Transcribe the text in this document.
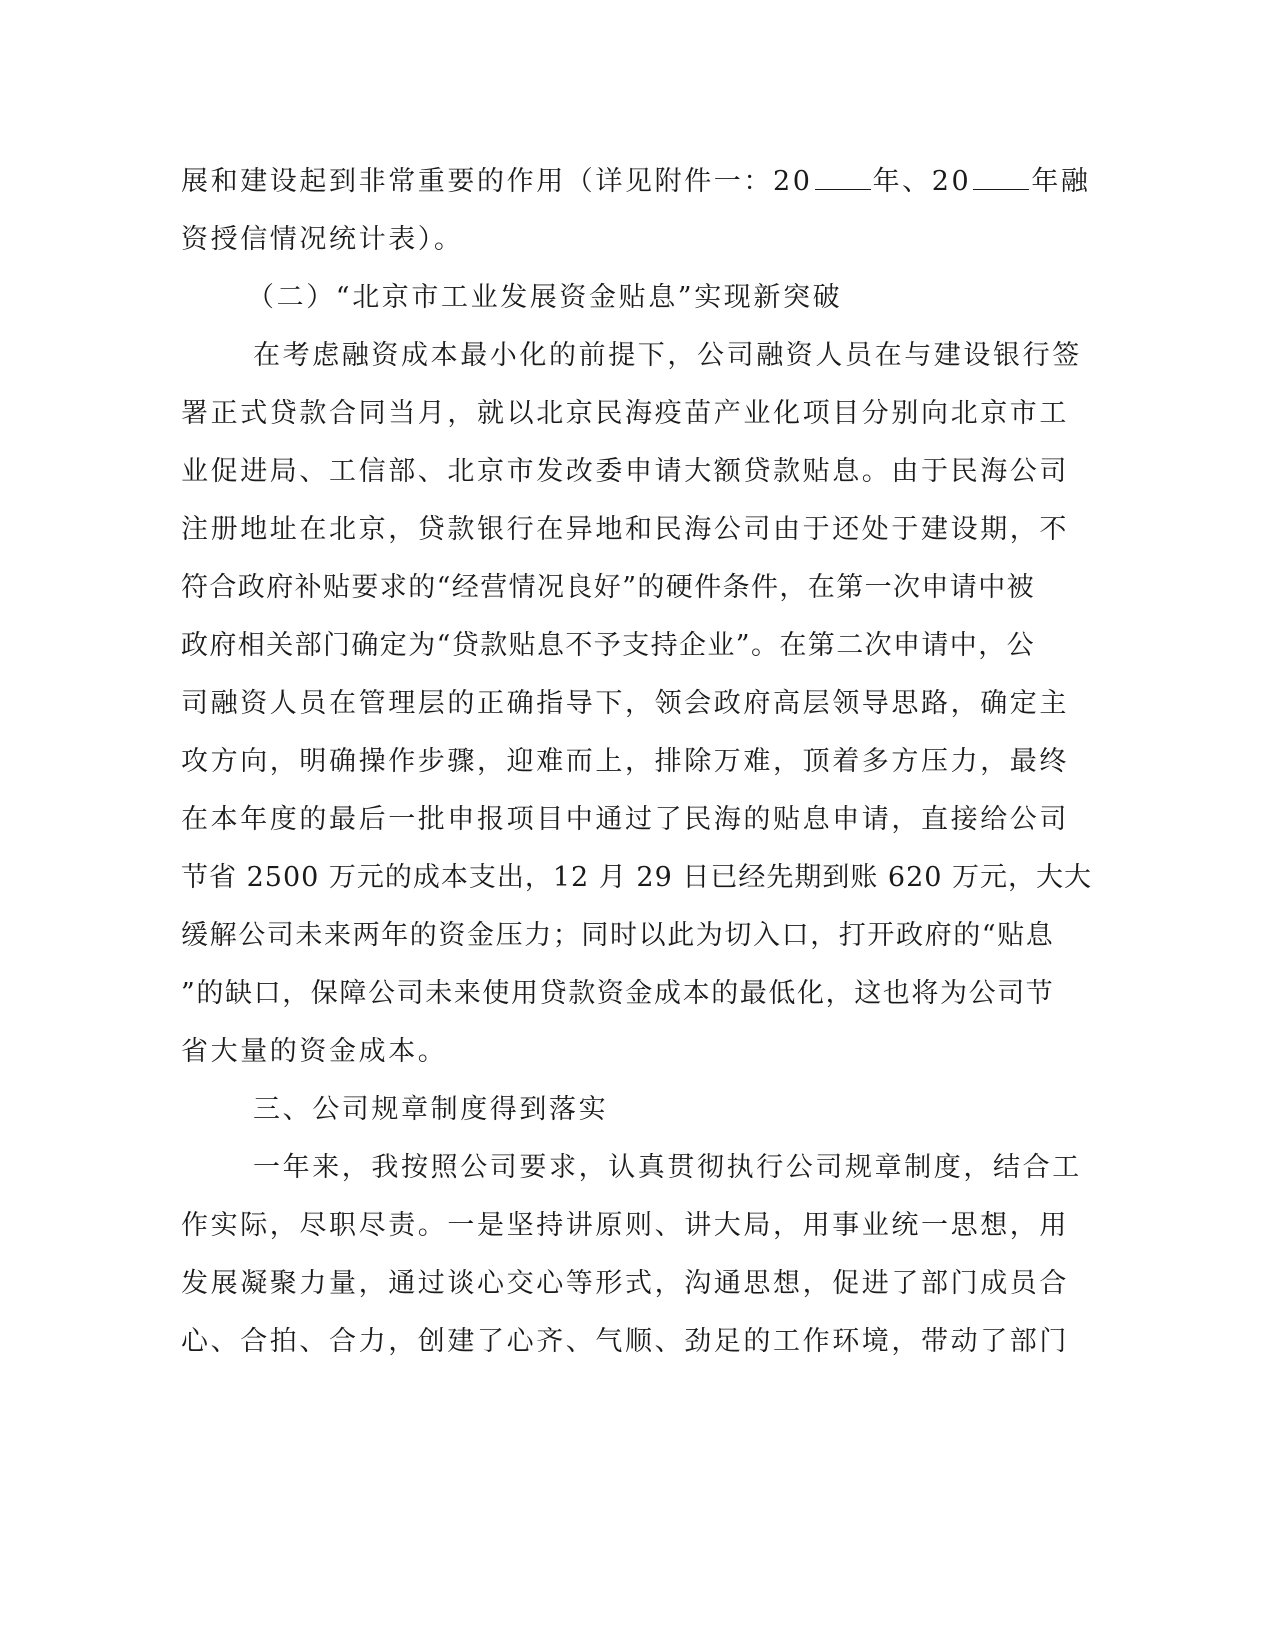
展和建设起到非常重要的作用（详见附件一：20 年、20 年融
资授信情况统计表）。
（二）“北京市工业发展资金贴息”实现新突破
在考虑融资成本最小化的前提下，公司融资人员在与建设银行签
署正式贷款合同当月，就以北京民海疫苗产业化项目分别向北京市工
业促进局、工信部、北京市发改委申请大额贷款贴息。由于民海公司
注册地址在北京，贷款银行在异地和民海公司由于还处于建设期，不
符合政府补贴要求的“经营情况良好”的硬件条件，在第一次申请中被
政府相关部门确定为“贷款贴息不予支持企业”。在第二次申请中，公
司融资人员在管理层的正确指导下，领会政府高层领导思路，确定主
攻方向，明确操作步骤，迎难而上，排除万难，顶着多方压力，最终
在本年度的最后一批申报项目中通过了民海的贴息申请，直接给公司
节省 2500 万元的成本支出，12 月 29 日已经先期到账 620 万元，大大
缓解公司未来两年的资金压力；同时以此为切入口，打开政府的“贴息
”的缺口，保障公司未来使用贷款资金成本的最低化，这也将为公司节
省大量的资金成本。
三、公司规章制度得到落实
一年来，我按照公司要求，认真贯彻执行公司规章制度，结合工
作实际，尽职尽责。一是坚持讲原则、讲大局，用事业统一思想，用
发展凝聚力量，通过谈心交心等形式，沟通思想，促进了部门成员合
心、合拍、合力，创建了心齐、气顺、劲足的工作环境，带动了部门
